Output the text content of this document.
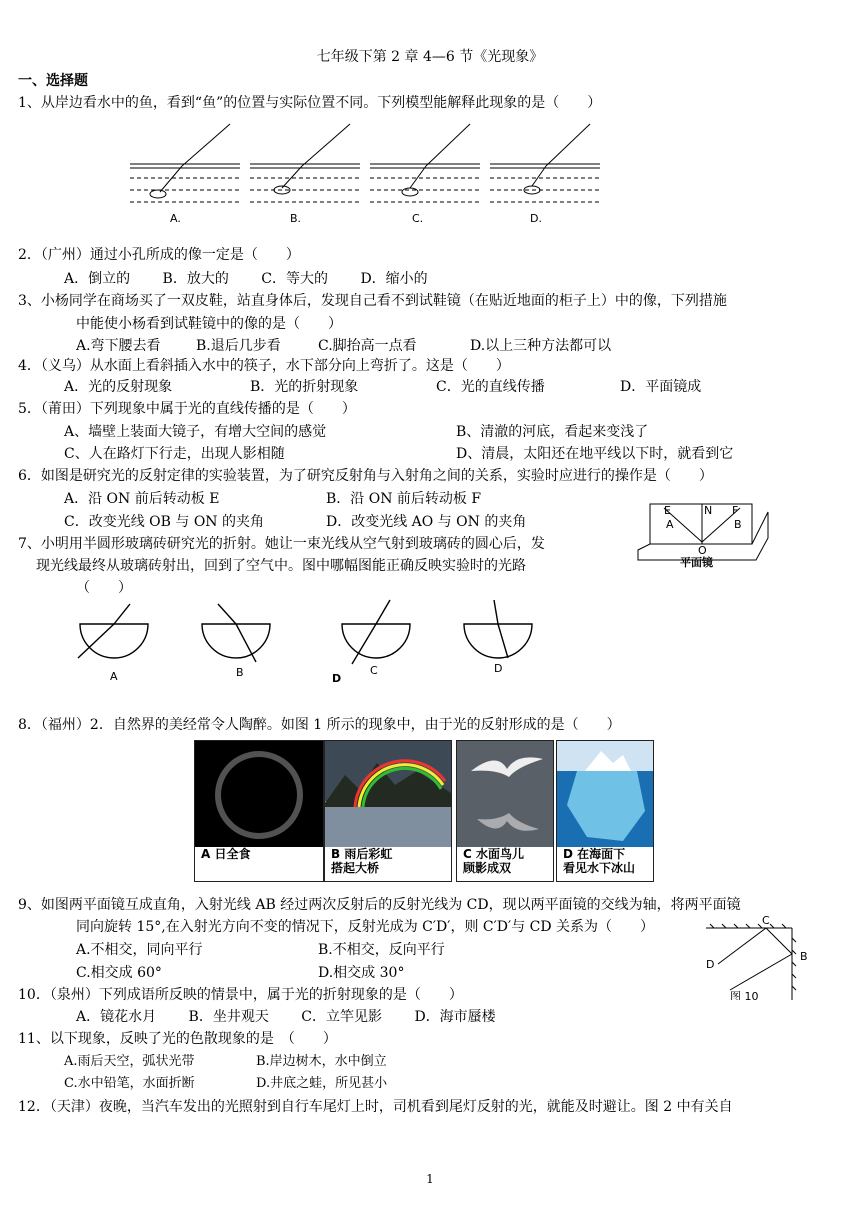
七年级下第 2 章 4—6 节《光现象》
一、选择题
1、从岸边看水中的鱼，看到“鱼”的位置与实际位置不同。下列模型能解释此现象的是（　　）
A.	B.	C.	D.
2．（广州）通过小孔所成的像一定是（　　）
A．倒立的　　 B．放大的　　 C．等大的　　 D．缩小的
3、小杨同学在商场买了一双皮鞋，站直身体后，发现自己看不到试鞋镜（在贴近地面的柜子上）中的像，下列措施
中能使小杨看到试鞋镜中的像的是（　　）
A.弯下腰去看	B.退后几步看	C.脚抬高一点看	D.以上三种方法都可以
4．（义乌）从水面上看斜插入水中的筷子，水下部分向上弯折了。这是（　　）
A．光的反射现象	B．光的折射现象	C．光的直线传播	D．平面镜成
5．（莆田）下列现象中属于光的直线传播的是（　　）
A、墙壁上装面大镜子，有增大空间的感觉	B、清澈的河底，看起来变浅了
C、人在路灯下行走，出现人影相随	D、清晨，太阳还在地平线以下时，就看到它
6．如图是研究光的反射定律的实验装置，为了研究反射角与入射角之间的关系，实验时应进行的操作是（　　）
A．沿 ON 前后转动板 E	B．沿 ON 前后转动板 F
C．改变光线 OB 与 ON 的夹角	D．改变光线 AO 与 ON 的夹角
E	N F
A	B
O
平面镜
7、小明用半圆形玻璃砖研究光的折射。她让一束光线从空气射到玻璃砖的圆心后，发
现光线最终从玻璃砖射出，回到了空气中。图中哪幅图能正确反映实验时的光路
（　　）
A	B	C	D
D
8．（福州）2．自然界的美经常令人陶醉。如图 1 所示的现象中，由于光的反射形成的是（　　）
A 日全食	B 雨后彩虹
搭起大桥
C 水面鸟儿
顾影成双
D 在海面下
看见水下冰山
9、如图两平面镜互成直角，入射光线 AB 经过两次反射后的反射光线为 CD，现以两平面镜的交线为轴，将两平面镜
同向旋转 15°,在入射光方向不变的情况下，反射光成为 C′D′，则 C′D′与 CD 关系为（　　）
A.不相交，同向平行	B.不相交，反向平行
C.相交成 60°	D.相交成 30°
C
D
B
图 10
10．（泉州）下列成语所反映的情景中，属于光的折射现象的是（　　）
A．镜花水月　　 B．坐井观天　　 C．立竿见影　　 D．海市蜃楼
11、以下现象，反映了光的色散现象的是　（　　）
A.雨后天空，弧状光带	B.岸边树木，水中倒立
C.水中铅笔，水面折断	D.井底之蛙，所见甚小
12．（天津）夜晚，当汽车发出的光照射到自行车尾灯上时，司机看到尾灯反射的光，就能及时避让。图 2 中有关自
1
